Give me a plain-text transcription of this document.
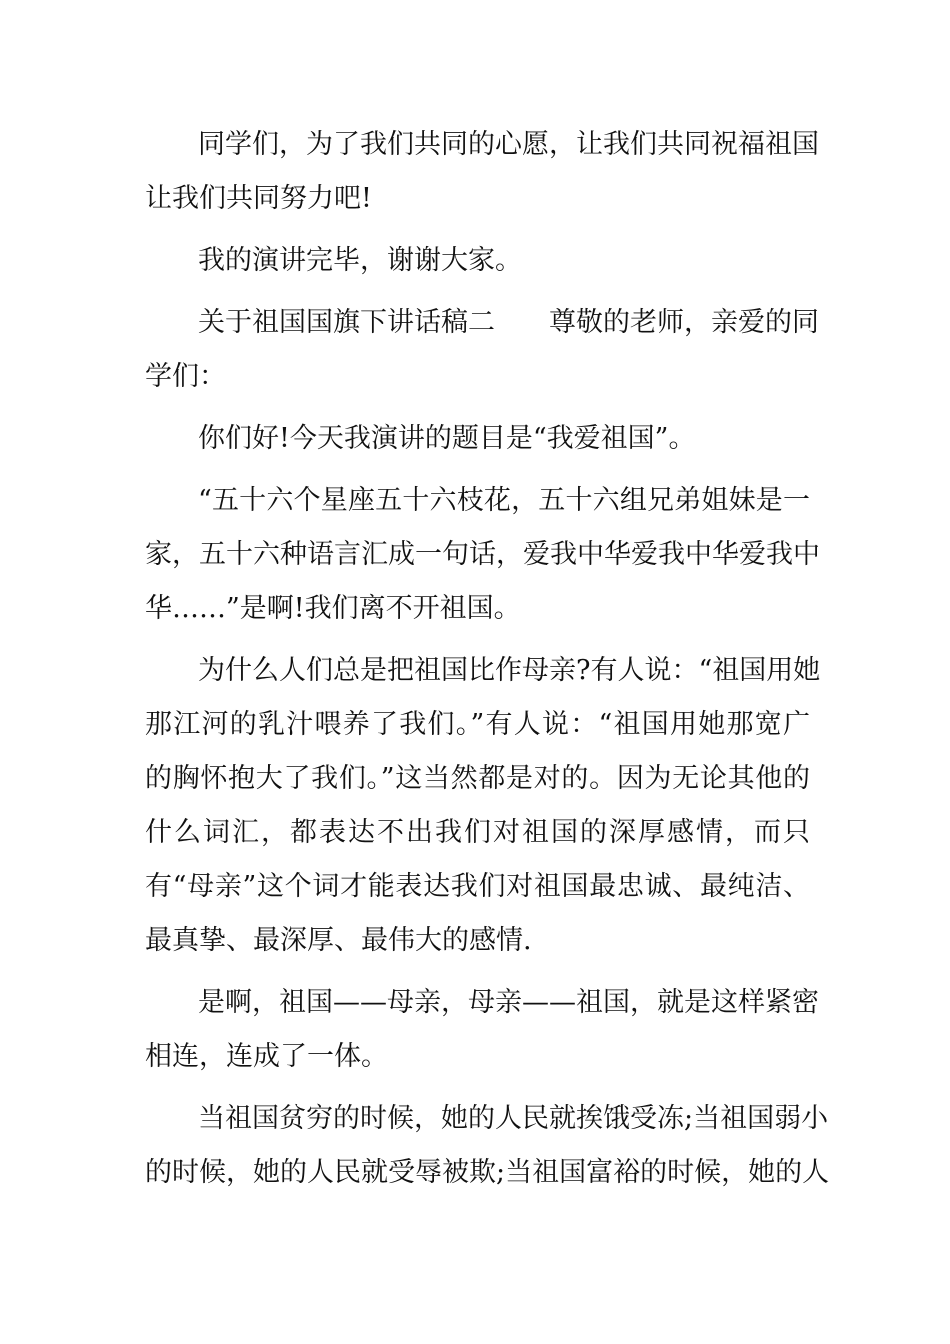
同学们，为了我们共同的心愿，让我们共同祝福祖国
让我们共同努力吧!
我的演讲完毕，谢谢大家。
关于祖国国旗下讲话稿二　　尊敬的老师，亲爱的同
学们：
你们好!今天我演讲的题目是“我爱祖国”。
“五十六个星座五十六枝花，五十六组兄弟姐妹是一
家，五十六种语言汇成一句话，爱我中华爱我中华爱我中
华……”是啊!我们离不开祖国。
为什么人们总是把祖国比作母亲?有人说：“祖国用她
那江河的乳汁喂养了我们。”有人说：“祖国用她那宽广
的胸怀抱大了我们。”这当然都是对的。因为无论其他的
什么词汇，都表达不出我们对祖国的深厚感情，而只
有“母亲”这个词才能表达我们对祖国最忠诚、最纯洁、
最真挚、最深厚、最伟大的感情.
是啊，祖国——母亲，母亲——祖国，就是这样紧密
相连，连成了一体。
当祖国贫穷的时候，她的人民就挨饿受冻;当祖国弱小
的时候，她的人民就受辱被欺;当祖国富裕的时候，她的人
